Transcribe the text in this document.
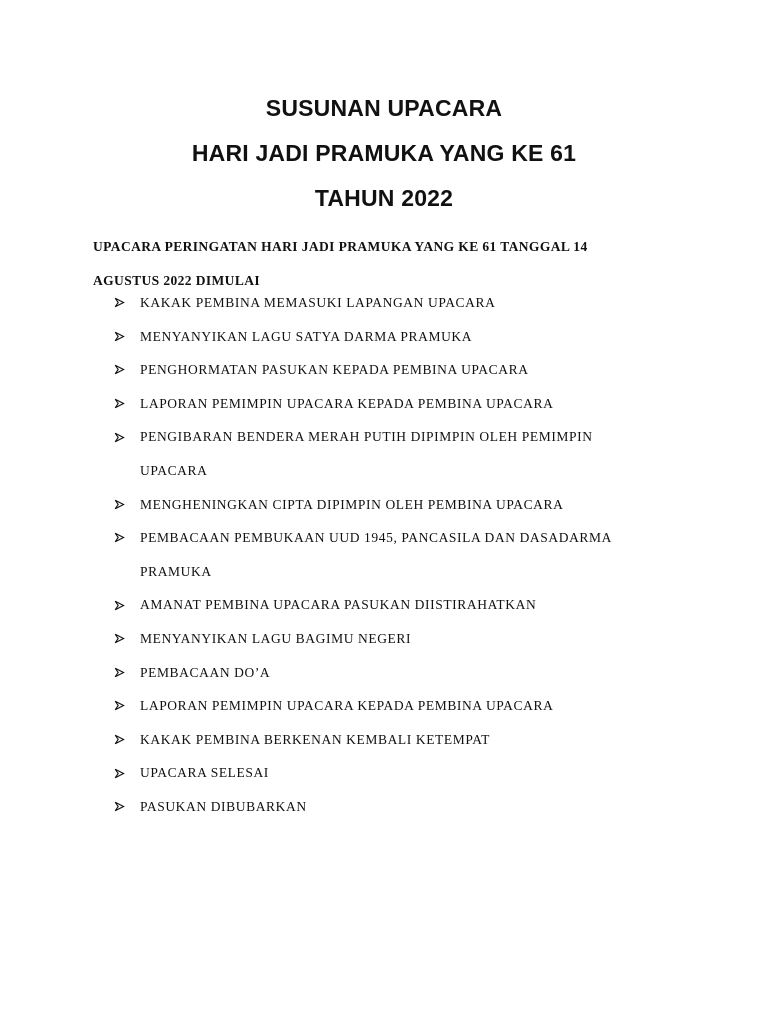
SUSUNAN UPACARA
HARI JADI PRAMUKA YANG KE 61
TAHUN 2022
UPACARA PERINGATAN HARI JADI PRAMUKA YANG KE 61 TANGGAL 14
AGUSTUS 2022 DIMULAI
KAKAK PEMBINA MEMASUKI LAPANGAN UPACARA
MENYANYIKAN LAGU SATYA DARMA PRAMUKA
PENGHORMATAN PASUKAN KEPADA PEMBINA UPACARA
LAPORAN PEMIMPIN UPACARA KEPADA PEMBINA UPACARA
PENGIBARAN BENDERA MERAH PUTIH DIPIMPIN OLEH PEMIMPIN
UPACARA
MENGHENINGKAN CIPTA DIPIMPIN OLEH PEMBINA UPACARA
PEMBACAAN PEMBUKAAN UUD 1945, PANCASILA DAN DASADARMA
PRAMUKA
AMANAT PEMBINA UPACARA PASUKAN DIISTIRAHATKAN
MENYANYIKAN LAGU BAGIMU NEGERI
PEMBACAAN DO’A
LAPORAN PEMIMPIN UPACARA KEPADA PEMBINA UPACARA
KAKAK PEMBINA BERKENAN KEMBALI KETEMPAT
UPACARA SELESAI
PASUKAN DIBUBARKAN
